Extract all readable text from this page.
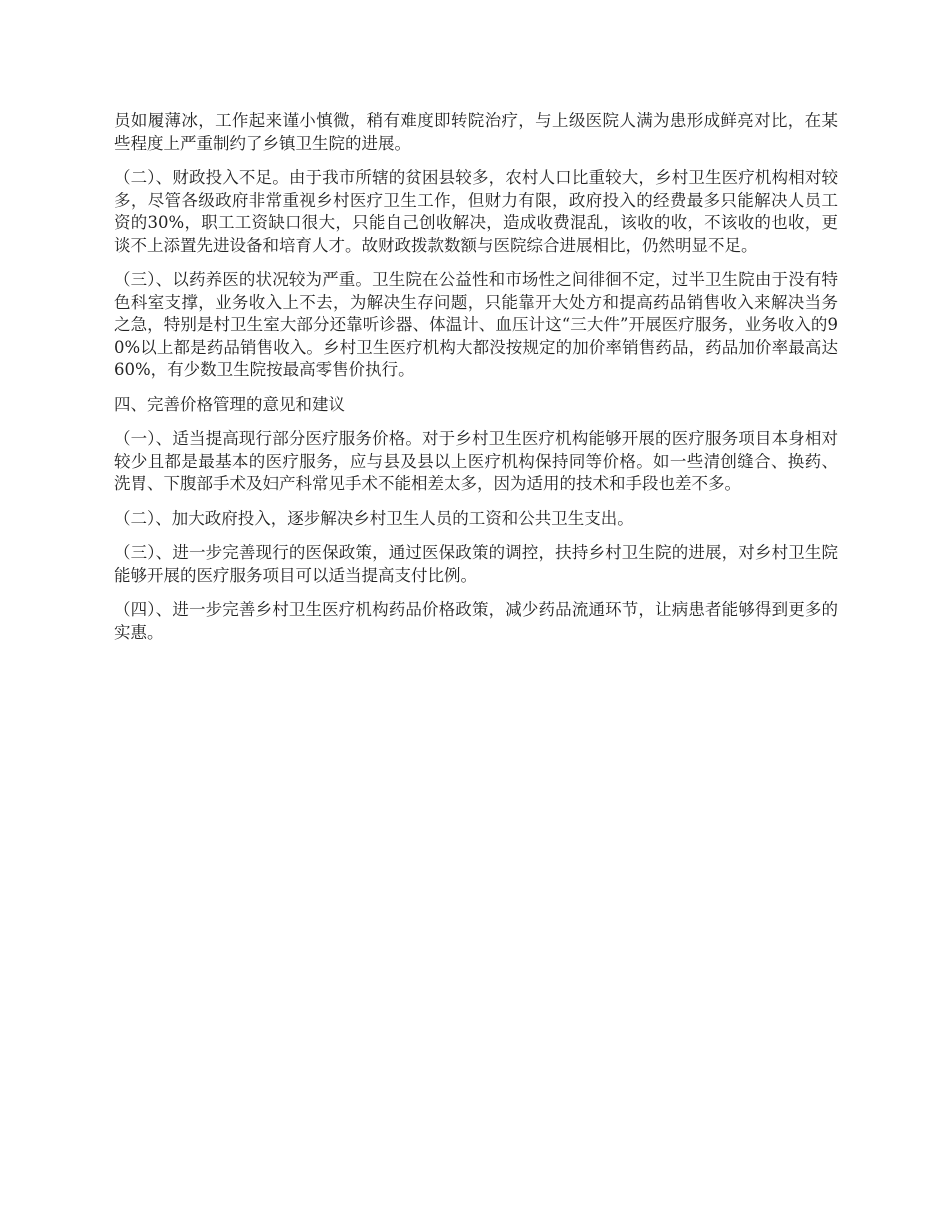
员如履薄冰，工作起来谨小慎微，稍有难度即转院治疗，与上级医院人满为患形成鲜亮对比，在某些程度上严重制约了乡镇卫生院的进展。

（二）、财政投入不足。由于我市所辖的贫困县较多，农村人口比重较大，乡村卫生医疗机构相对较多，尽管各级政府非常重视乡村医疗卫生工作，但财力有限，政府投入的经费最多只能解决人员工资的30%，职工工资缺口很大，只能自己创收解决，造成收费混乱，该收的收，不该收的也收，更谈不上添置先进设备和培育人才。故财政拨款数额与医院综合进展相比，仍然明显不足。

（三）、以药养医的状况较为严重。卫生院在公益性和市场性之间徘徊不定，过半卫生院由于没有特色科室支撑，业务收入上不去，为解决生存问题，只能靠开大处方和提高药品销售收入来解决当务之急，特别是村卫生室大部分还靠听诊器、体温计、血压计这“三大件”开展医疗服务，业务收入的90%以上都是药品销售收入。乡村卫生医疗机构大都没按规定的加价率销售药品，药品加价率最高达60%，有少数卫生院按最高零售价执行。

四、完善价格管理的意见和建议

（一）、适当提高现行部分医疗服务价格。对于乡村卫生医疗机构能够开展的医疗服务项目本身相对较少且都是最基本的医疗服务，应与县及县以上医疗机构保持同等价格。如一些清创缝合、换药、洗胃、下腹部手术及妇产科常见手术不能相差太多，因为适用的技术和手段也差不多。

（二）、加大政府投入，逐步解决乡村卫生人员的工资和公共卫生支出。

（三）、进一步完善现行的医保政策，通过医保政策的调控，扶持乡村卫生院的进展，对乡村卫生院能够开展的医疗服务项目可以适当提高支付比例。

（四）、进一步完善乡村卫生医疗机构药品价格政策，减少药品流通环节，让病患者能够得到更多的实惠。
